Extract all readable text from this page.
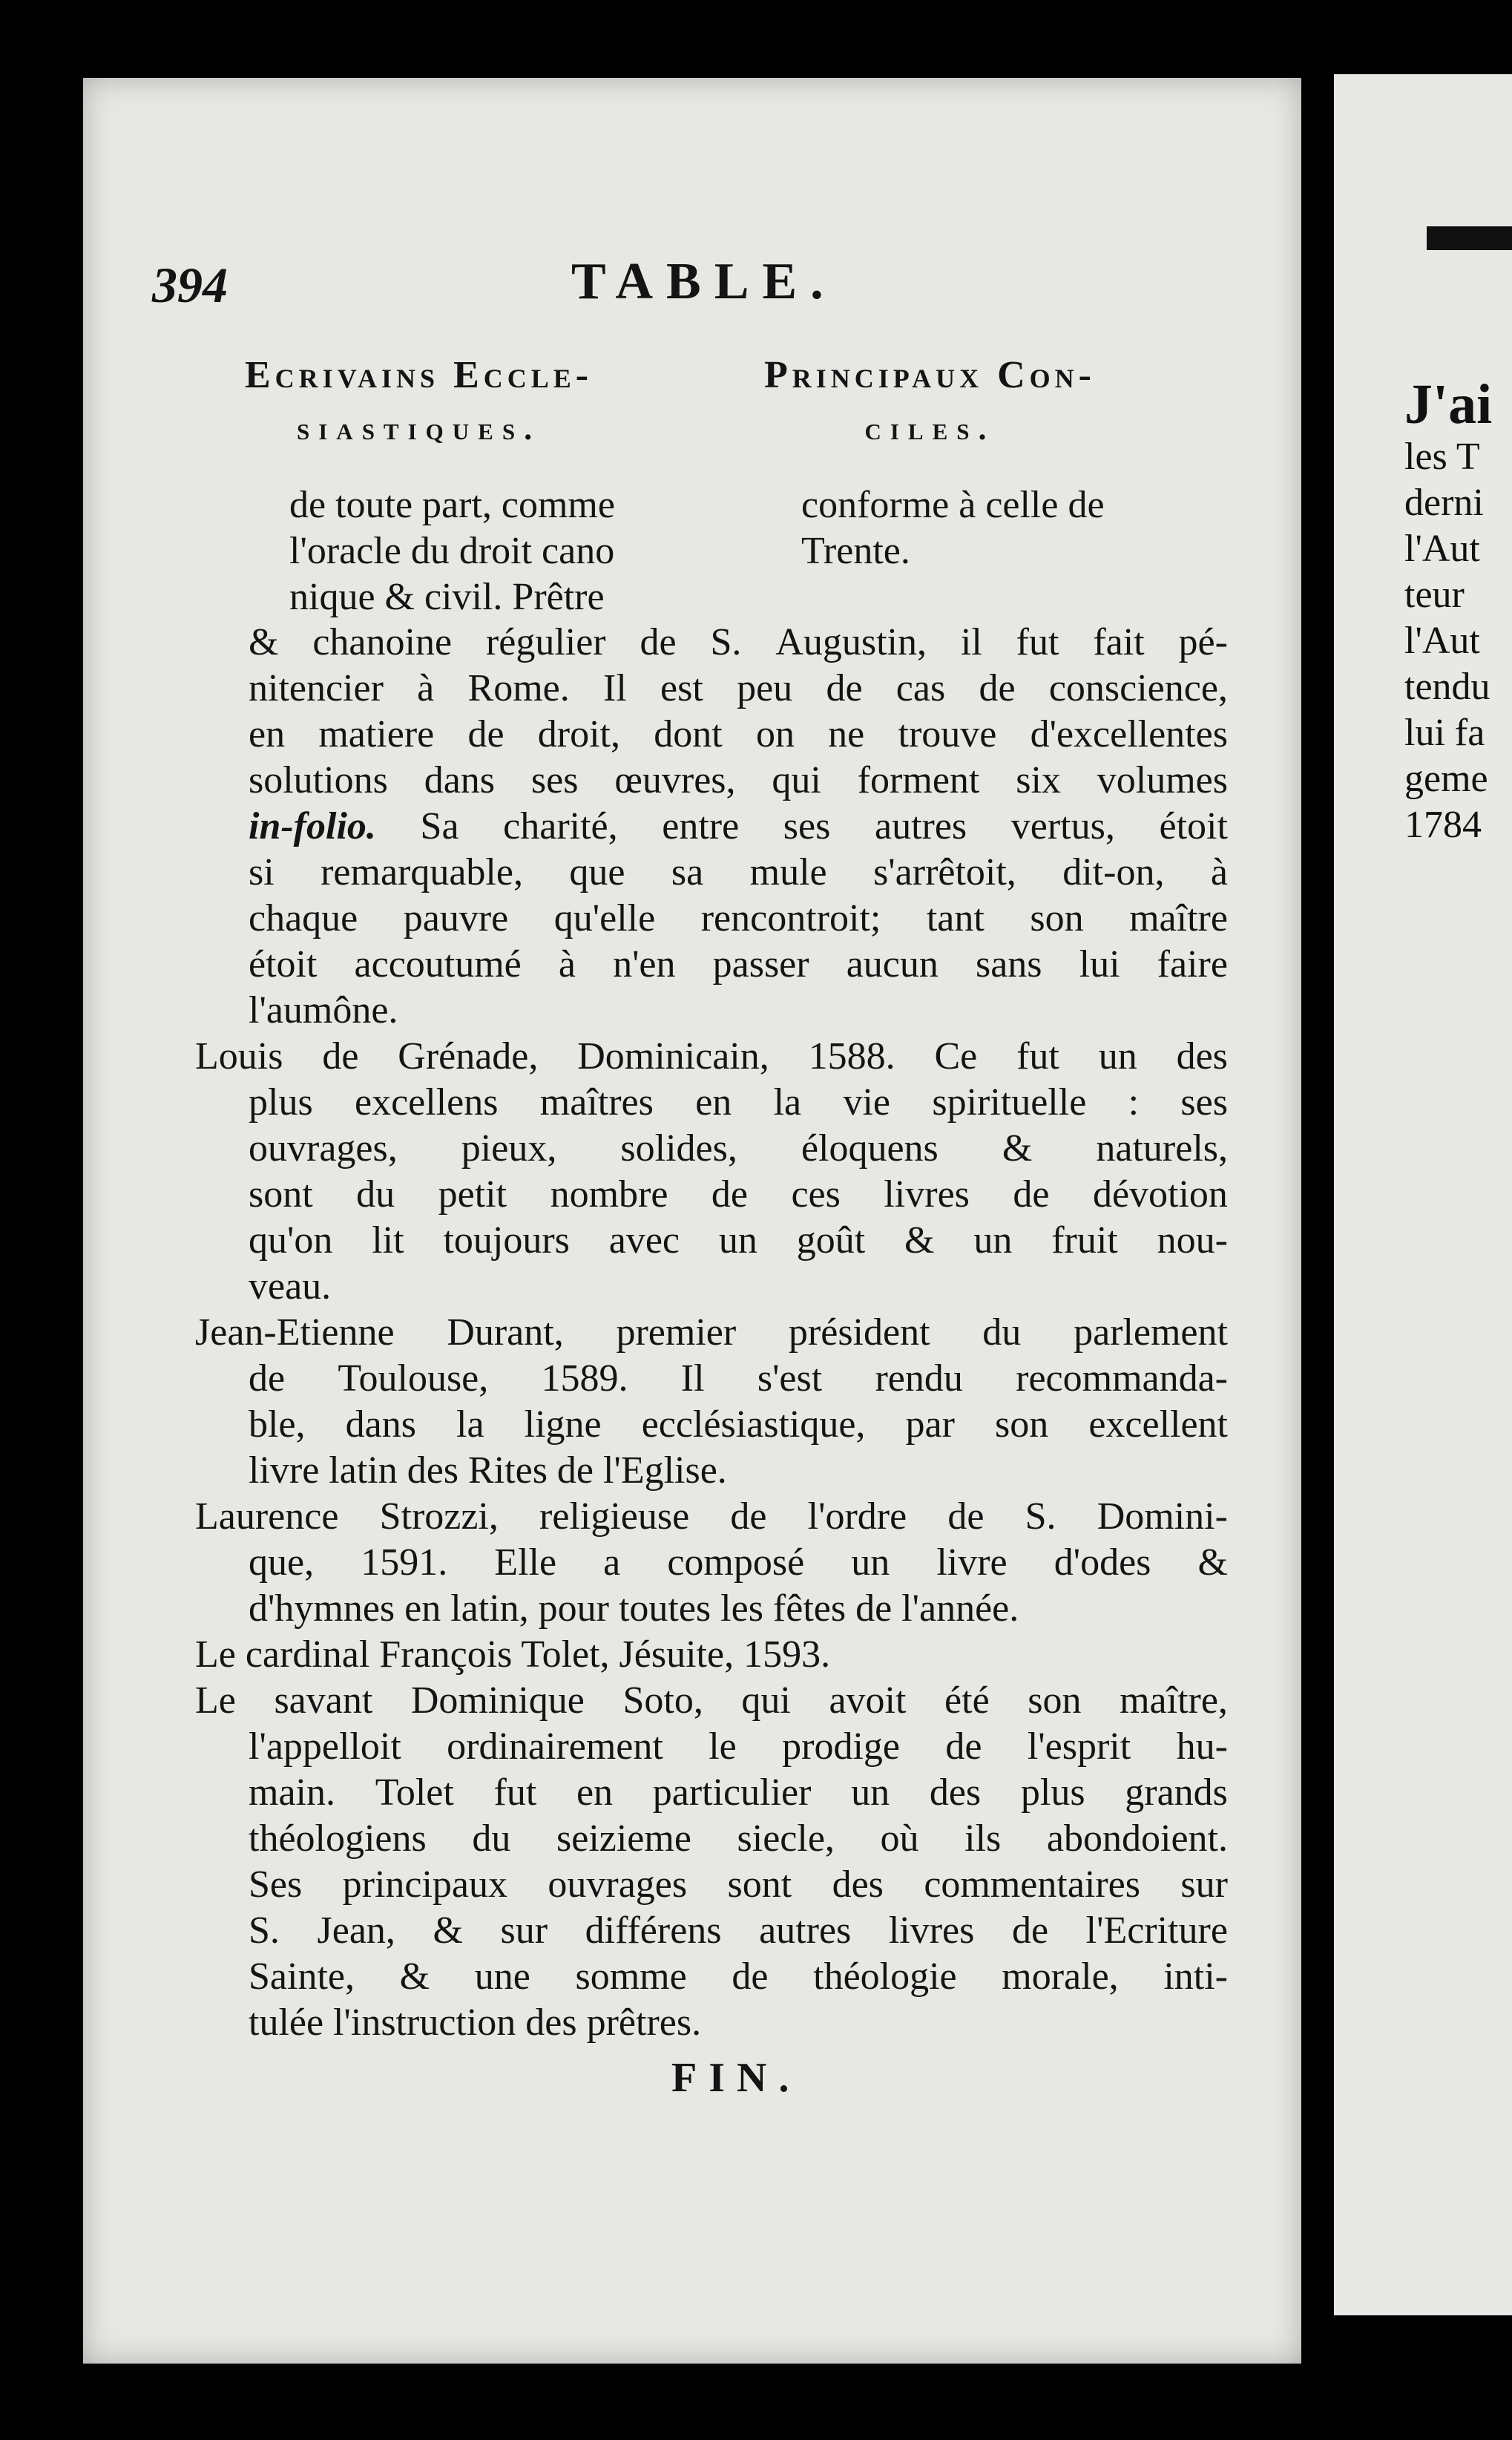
J'ai
les T
derni
l'Aut
teur
l'Aut
tendu
lui fa
geme
1784
394	TABLE.
Ecrivains Eccle-
siastiques.
Principaux Con-
ciles.
de toute part, comme
l'oracle du droit cano
nique & civil. Prêtre
conforme à celle de
Trente.
& chanoine régulier de S. Augustin, il fut fait pé-
nitencier à Rome. Il est peu de cas de conscience,
en matiere de droit, dont on ne trouve d'excellentes
solutions dans ses œuvres, qui forment six volumes
in-folio. Sa charité, entre ses autres vertus, étoit
si remarquable, que sa mule s'arrêtoit, dit-on, à
chaque pauvre qu'elle rencontroit; tant son maître
étoit accoutumé à n'en passer aucun sans lui faire
l'aumône.
Louis de Grénade, Dominicain, 1588. Ce fut un des
plus excellens maîtres en la vie spirituelle : ses
ouvrages, pieux, solides, éloquens & naturels,
sont du petit nombre de ces livres de dévotion
qu'on lit toujours avec un goût & un fruit nou-
veau.
Jean-Etienne Durant, premier président du parlement
de Toulouse, 1589. Il s'est rendu recommanda-
ble, dans la ligne ecclésiastique, par son excellent
livre latin des Rites de l'Eglise.
Laurence Strozzi, religieuse de l'ordre de S. Domini-
que, 1591. Elle a composé un livre d'odes &
d'hymnes en latin, pour toutes les fêtes de l'année.
Le cardinal François Tolet, Jésuite, 1593.
Le savant Dominique Soto, qui avoit été son maître,
l'appelloit ordinairement le prodige de l'esprit hu-
main. Tolet fut en particulier un des plus grands
théologiens du seizieme siecle, où ils abondoient.
Ses principaux ouvrages sont des commentaires sur
S. Jean, & sur différens autres livres de l'Ecriture
Sainte, & une somme de théologie morale, inti-
tulée l'instruction des prêtres.
FIN.
